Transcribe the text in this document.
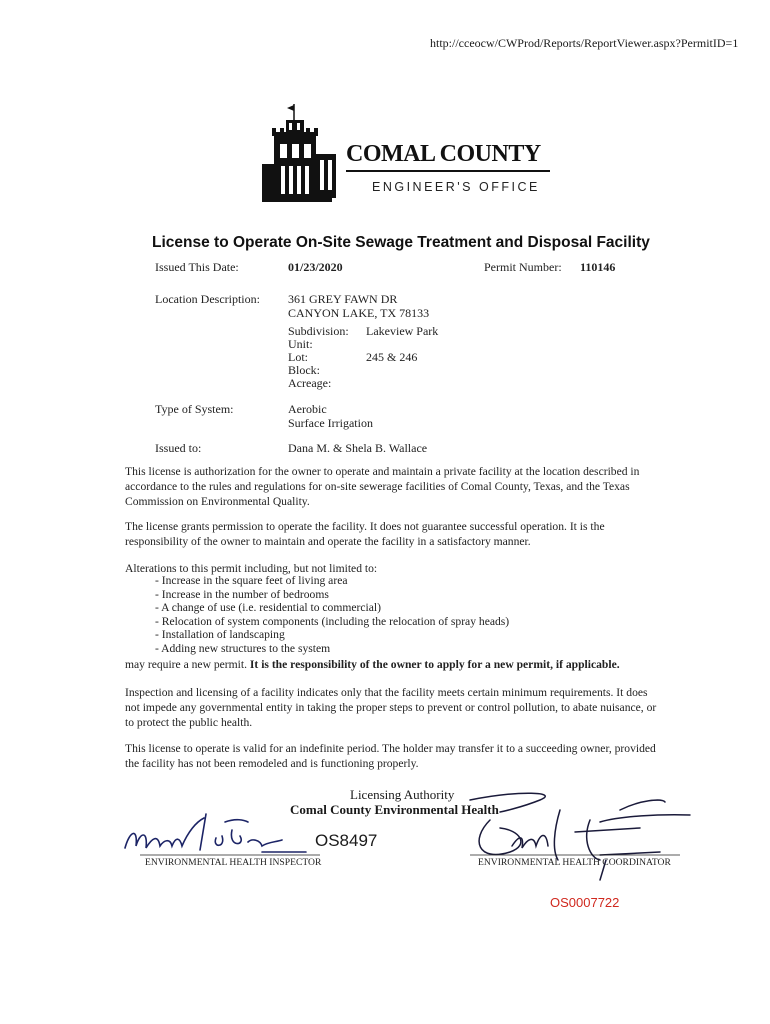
http://cceocw/CWProd/Reports/ReportViewer.aspx?PermitID=1
COMAL COUNTY
ENGINEER'S OFFICE
License to Operate On-Site Sewage Treatment and Disposal Facility
Issued This Date:	01/23/2020	Permit Number: 110146
Location Description: 361 GREY FAWN DR
CANYON LAKE, TX 78133
Subdivision: Lakeview Park
Unit:
Lot:	245 & 246
Block:
Acreage:
Type of System:	Aerobic
Surface Irrigation
Issued to:	Dana M. & Shela B. Wallace
This license is authorization for the owner to operate and maintain a private facility at the location described in accordance to the rules and regulations for on-site sewerage facilities of Comal County, Texas, and the Texas Commission on Environmental Quality.
The license grants permission to operate the facility. It does not guarantee successful operation. It is the responsibility of the owner to maintain and operate the facility in a satisfactory manner.
Alterations to this permit including, but not limited to:
- Increase in the square feet of living area
- Increase in the number of bedrooms
- A change of use (i.e. residential to commercial)
- Relocation of system components (including the relocation of spray heads)
- Installation of landscaping
- Adding new structures to the system
may require a new permit. It is the responsibility of the owner to apply for a new permit, if applicable.
Inspection and licensing of a facility indicates only that the facility meets certain minimum requirements. It does not impede any governmental entity in taking the proper steps to prevent or control pollution, to abate nuisance, or to protect the public health.
This license to operate is valid for an indefinite period. The holder may transfer it to a succeeding owner, provided the facility has not been remodeled and is functioning properly.
Licensing Authority
Comal County Environmental Health
OS8497
ENVIRONMENTAL HEALTH INSPECTOR	ENVIRONMENTAL HEALTH COORDINATOR
OS0007722
